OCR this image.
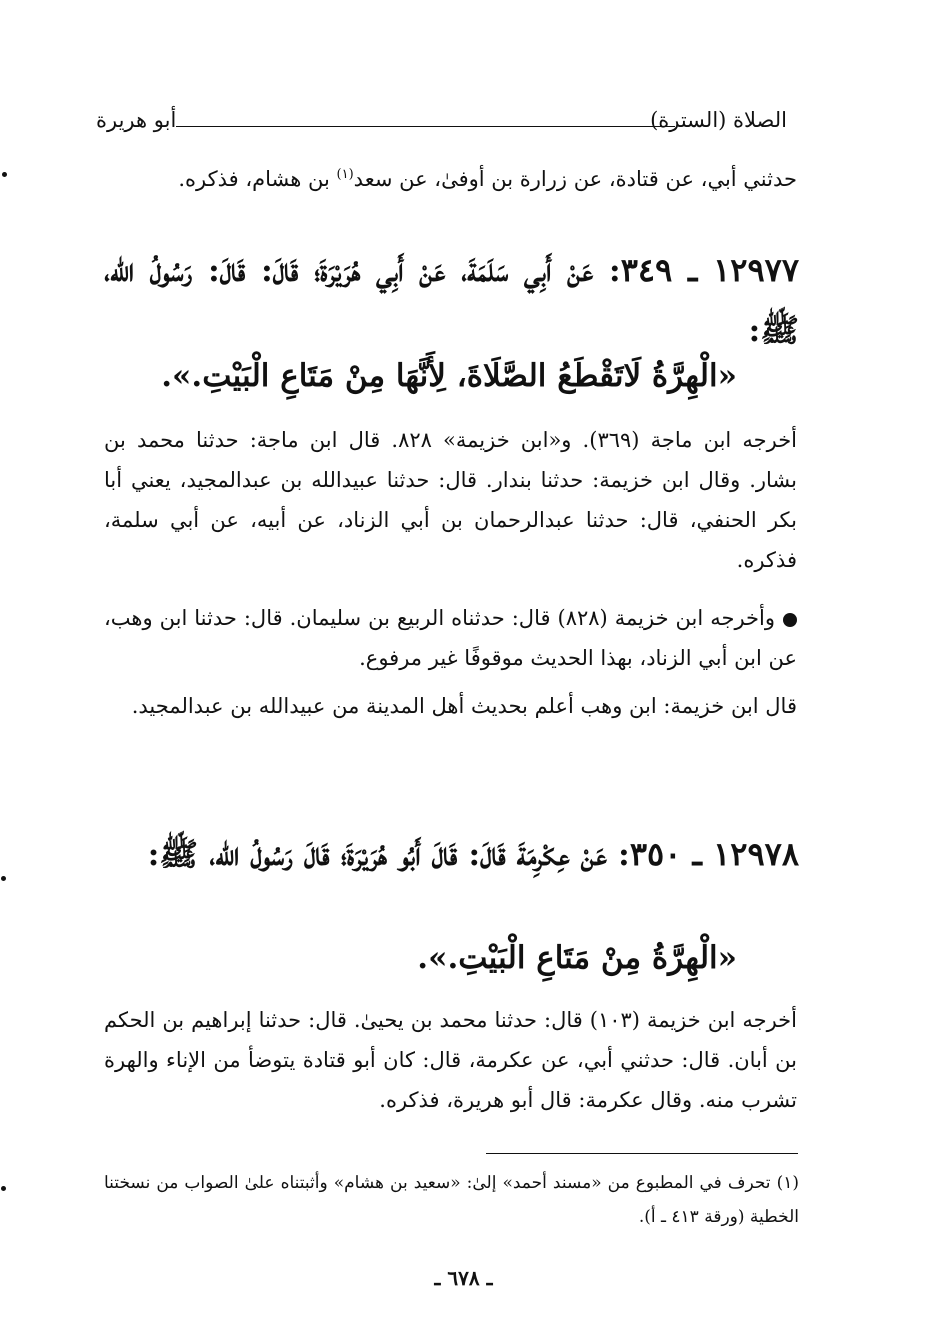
الصلاة (السترة)
أبو هريرة
حدثني أبي، عن قتادة، عن زرارة بن أوفىٰ، عن سعد$^{(١)}$ بن هشام، فذكره.
١٢٩٧٧ ـ ٣٤٩: عَنْ أَبِي سَلَمَةَ، عَنْ أَبِي هُرَيْرَةَ؛ قَالَ: قَالَ: رَسُولُ الله، ﷺ:
«الْهِرَّةُ لَاتَقْطَعُ الصَّلَاةَ، لِأَنَّهَا مِنْ مَتَاعِ الْبَيْتِ.».
أخرجه ابن ماجة (٣٦٩). و«ابن خزيمة» ٨٢٨. قال ابن ماجة: حدثنا محمد بن بشار. وقال ابن خزيمة: حدثنا بندار. قال: حدثنا عبيدالله بن عبدالمجيد، يعني أبا بكر الحنفي، قال: حدثنا عبدالرحمان بن أبي الزناد، عن أبيه، عن أبي سلمة، فذكره.
وأخرجه ابن خزيمة (٨٢٨) قال: حدثناه الربيع بن سليمان. قال: حدثنا ابن وهب، عن ابن أبي الزناد، بهذا الحديث موقوفًا غير مرفوع.
قال ابن خزيمة: ابن وهب أعلم بحديث أهل المدينة من عبيدالله بن عبدالمجيد.
١٢٩٧٨ ـ ٣٥٠: عَنْ عِكْرِمَةَ قَالَ: قَالَ أَبُو هُرَيْرَةَ؛ قَالَ رَسُولُ الله، ﷺ:
«الْهِرَّةُ مِنْ مَتَاعِ الْبَيْتِ.».
أخرجه ابن خزيمة (١٠٣) قال: حدثنا محمد بن يحيىٰ. قال: حدثنا إبراهيم بن الحكم بن أبان. قال: حدثني أبي، عن عكرمة، قال: كان أبو قتادة يتوضأ من الإناء والهرة تشرب منه. وقال عكرمة: قال أبو هريرة، فذكره.
(١) تحرف في المطبوع من «مسند أحمد» إلىٰ: «سعيد بن هشام» وأثبتناه علىٰ الصواب من نسختنا الخطية (ورقة ٤١٣ ـ أ).
ـ ٦٧٨ ـ
